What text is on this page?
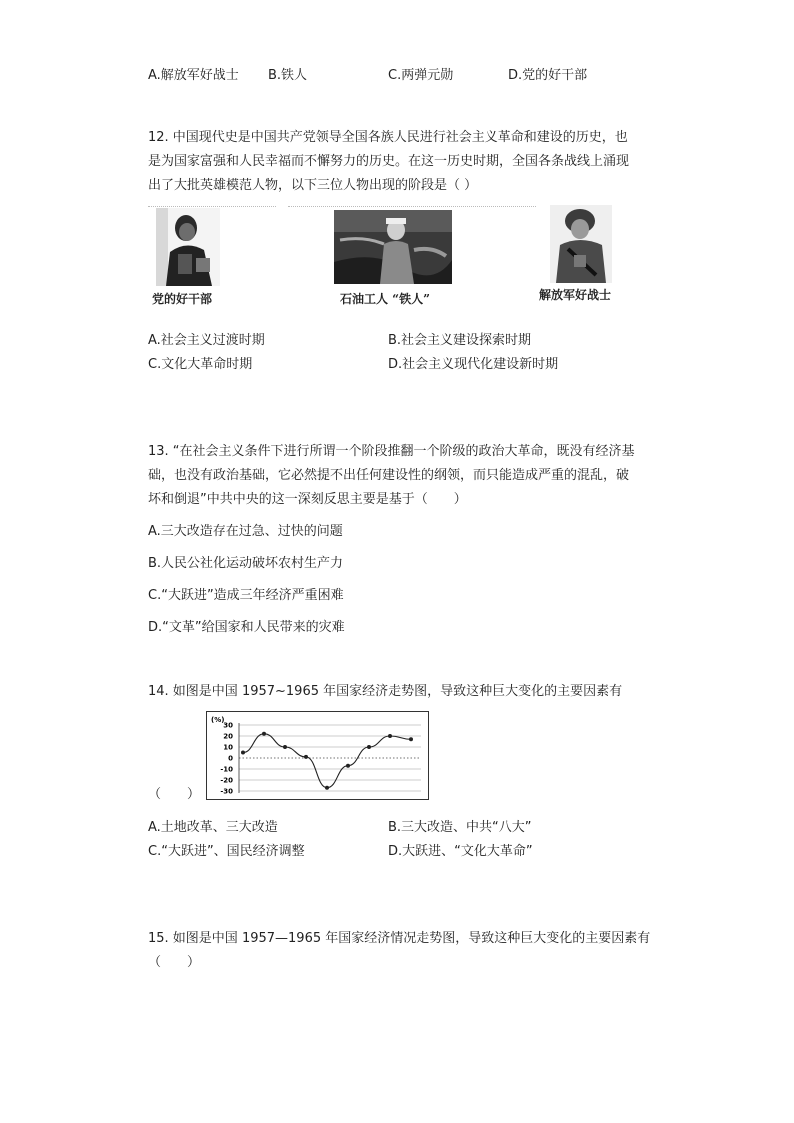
A.解放军好战士 B.铁人	C.两弹元勋	D.党的好干部
12. 中国现代史是中国共产党领导全国各族人民进行社会主义革命和建设的历史，也
是为国家富强和人民幸福而不懈努力的历史。在这一历史时期，全国各条战线上涌现
出了大批英雄模范人物，以下三位人物出现的阶段是（ ）
党的好干部	石油工人 “铁人”	解放军好战士
A.社会主义过渡时期	B.社会主义建设探索时期
C.文化大革命时期	D.社会主义现代化建设新时期
13. “在社会主义条件下进行所谓一个阶段推翻一个阶级的政治大革命，既没有经济基
础，也没有政治基础，它必然提不出任何建设性的纲领，而只能造成严重的混乱，破
坏和倒退”中共中央的这一深刻反思主要是基于（　　）
A.三大改造存在过急、过快的问题
B.人民公社化运动破坏农村生产力
C.“大跃进”造成三年经济严重困难
D.“文革”给国家和人民带来的灾难
14. 如图是中国 1957~1965 年国家经济走势图，导致这种巨大变化的主要因素有
(%)
30
20
10
0
-10
-20
-30
（　　）
A.土地改革、三大改造	B.三大改造、中共“八大”
C.“大跃进”、国民经济调整	D.大跃进、“文化大革命”
15. 如图是中国 1957—1965 年国家经济情况走势图，导致这种巨大变化的主要因素有
（　　）
